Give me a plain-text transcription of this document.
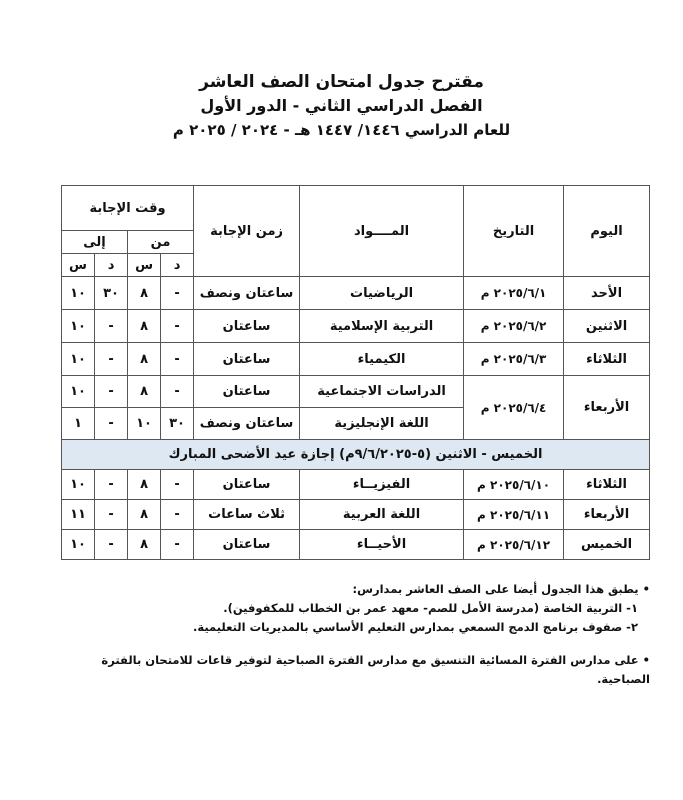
مقترح جدول امتحان الصف العاشر
الفصل الدراسي الثاني - الدور الأول
للعام الدراسي ١٤٤٦/ ١٤٤٧ هـ - ٢٠٢٤ / ٢٠٢٥ م
اليوم	التاريخ	المــــواد	زمن الإجابة	وقت الإجابة			
				من		إلى	
				د	س	د	س
الأحد	٢٠٢٥/٦/١ م	الرياضيات	ساعتان ونصف	-	٨	٣٠	١٠
الاثنين	٢٠٢٥/٦/٢ م	التربية الإسلامية	ساعتان	-	٨	-	١٠
الثلاثاء	٢٠٢٥/٦/٣ م	الكيمياء	ساعتان	-	٨	-	١٠
الأربعاء	٢٠٢٥/٦/٤ م	الدراسات الاجتماعية	ساعتان	-	٨	-	١٠
		اللغة الإنجليزية	ساعتان ونصف	٣٠	١٠	-	١
الخميس - الاثنين (٥-٩/٦/٢٠٢٥م) إجازة عيد الأضحى المبارك							
الثلاثاء	٢٠٢٥/٦/١٠ م	الفيزيــاء	ساعتان	-	٨	-	١٠
الأربعاء	٢٠٢٥/٦/١١ م	اللغة العربية	ثلاث ساعات	-	٨	-	١١
الخميس	٢٠٢٥/٦/١٢ م	الأحيــاء	ساعتان	-	٨	-	١٠
•يطبق هذا الجدول أيضا على الصف العاشر بمدارس:
١- التربية الخاصة (مدرسة الأمل للصم- معهد عمر بن الخطاب للمكفوفين).
٢- صفوف برنامج الدمج السمعي بمدارس التعليم الأساسي بالمديريات التعليمية.
•على مدارس الفترة المسائية التنسيق مع مدارس الفترة الصباحية لتوفير قاعات للامتحان بالفترة الصباحية.
